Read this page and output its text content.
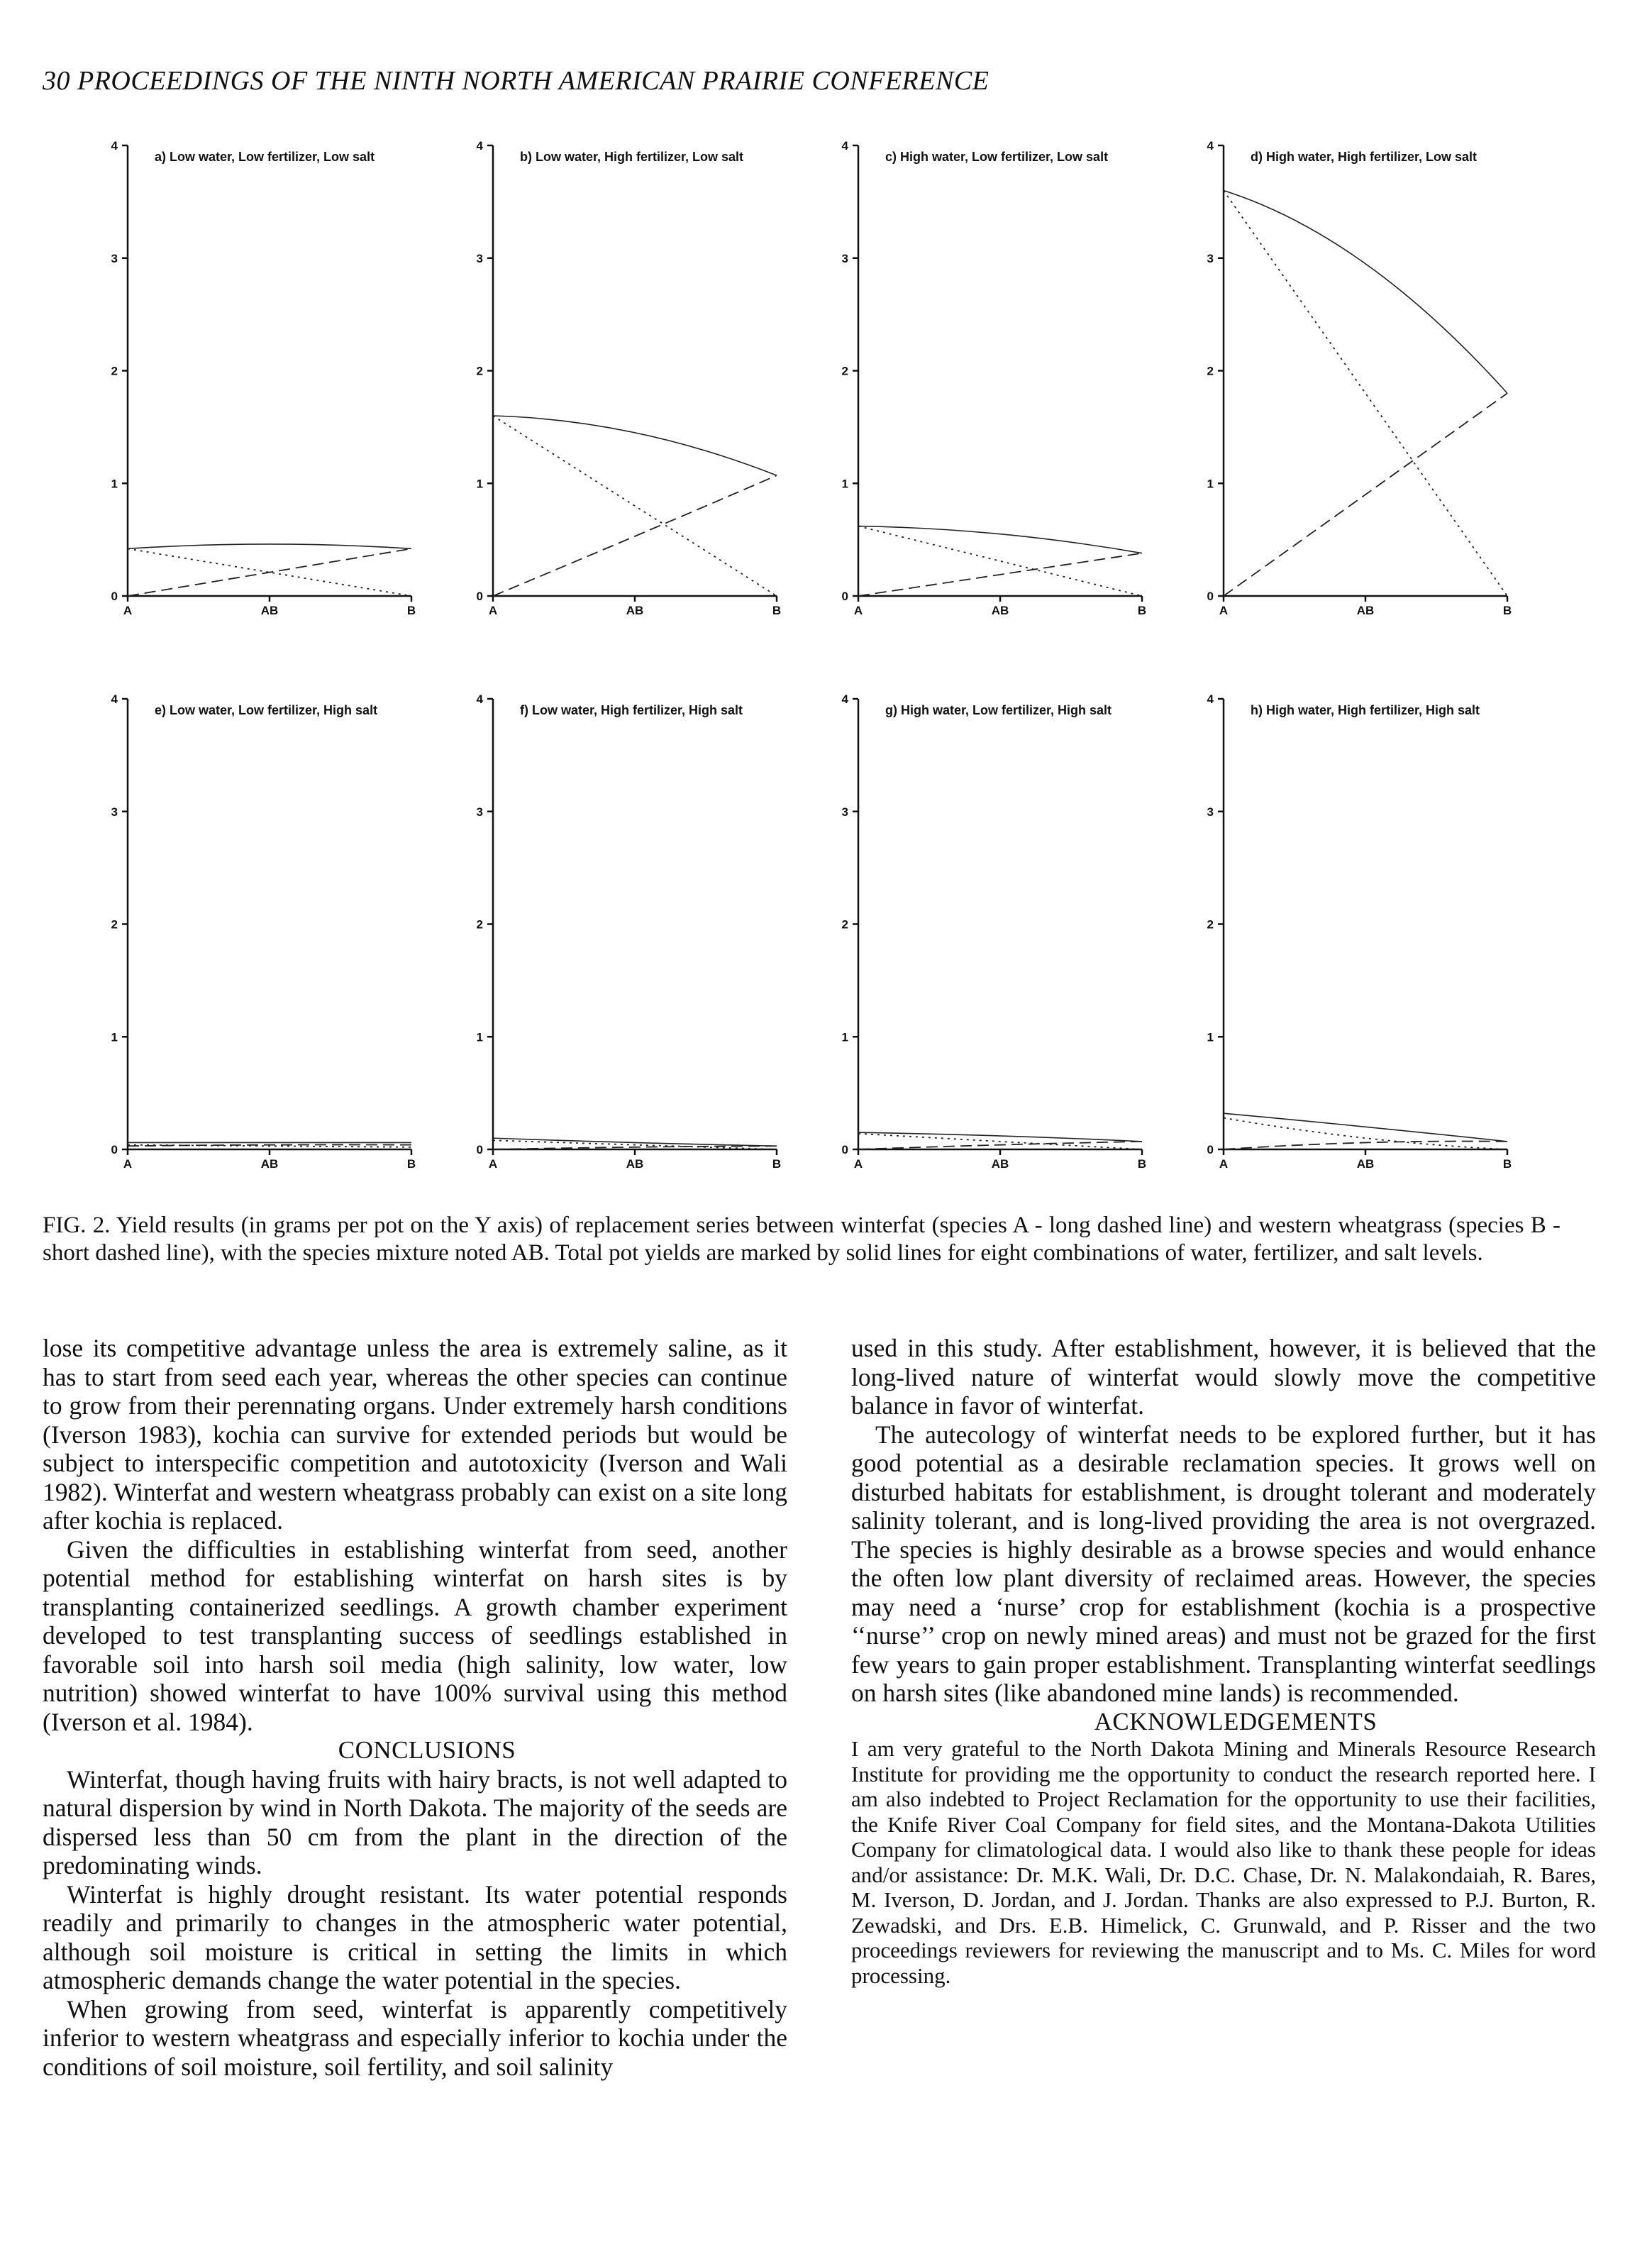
30 PROCEEDINGS OF THE NINTH NORTH AMERICAN PRAIRIE CONFERENCE
0
1
2
3
4
A	AB	B
a) Low water, Low fertilizer, Low salt
0
1
2
3
4
A	AB	B
b) Low water, High fertilizer, Low salt
0
1
2
3
4
A	AB	B
c) High water, Low fertilizer, Low salt
0
1
2
3
4
A	AB	B
d) High water, High fertilizer, Low salt
0
1
2
3
4
A	AB	B
e) Low water, Low fertilizer, High salt
0
1
2
3
4
A	AB	B
f) Low water, High fertilizer, High salt
0
1
2
3
4
A	AB	B
g) High water, Low fertilizer, High salt
0
1
2
3
4
A	AB	B
h) High water, High fertilizer, High salt
FIG. 2. Yield results (in grams per pot on the Y axis) of replacement series between winterfat (species A - long dashed line) and western wheatgrass (species B - short dashed line), with the species mixture noted AB. Total pot yields are marked by solid lines for eight combinations of water, fertilizer, and salt levels.

lose its competitive advantage unless the area is extremely saline, as it has to start from seed each year, whereas the other species can continue to grow from their perennating organs. Under extremely harsh conditions (Iverson 1983), kochia can survive for extended periods but would be subject to interspecific competition and autotoxicity (Iverson and Wali 1982). Winterfat and western wheatgrass probably can exist on a site long after kochia is replaced.

Given the difficulties in establishing winterfat from seed, another potential method for establishing winterfat on harsh sites is by transplanting containerized seedlings. A growth chamber experiment developed to test transplanting success of seedlings established in favorable soil into harsh soil media (high salinity, low water, low nutrition) showed winterfat to have 100% survival using this method (Iverson et al. 1984).

CONCLUSIONS

Winterfat, though having fruits with hairy bracts, is not well adapted to natural dispersion by wind in North Dakota. The majority of the seeds are dispersed less than 50 cm from the plant in the direction of the predominating winds.

Winterfat is highly drought resistant. Its water potential responds readily and primarily to changes in the atmospheric water potential, although soil moisture is critical in setting the limits in which atmospheric demands change the water potential in the species.

When growing from seed, winterfat is apparently competitively inferior to western wheatgrass and especially inferior to kochia under the conditions of soil moisture, soil fertility, and soil salinity

used in this study. After establishment, however, it is believed that the long-lived nature of winterfat would slowly move the competitive balance in favor of winterfat.

The autecology of winterfat needs to be explored further, but it has good potential as a desirable reclamation species. It grows well on disturbed habitats for establishment, is drought tolerant and moderately salinity tolerant, and is long-lived providing the area is not overgrazed. The species is highly desirable as a browse species and would enhance the often low plant diversity of reclaimed areas. However, the species may need a ‘nurse’ crop for establishment (kochia is a prospective ‘‘nurse’’ crop on newly mined areas) and must not be grazed for the first few years to gain proper establishment. Transplanting winterfat seedlings on harsh sites (like abandoned mine lands) is recommended.

ACKNOWLEDGEMENTS

I am very grateful to the North Dakota Mining and Minerals Resource Research Institute for providing me the opportunity to conduct the research reported here. I am also indebted to Project Reclamation for the opportunity to use their facilities, the Knife River Coal Company for field sites, and the Montana-Dakota Utilities Company for climatological data. I would also like to thank these people for ideas and/or assistance: Dr. M.K. Wali, Dr. D.C. Chase, Dr. N. Malakondaiah, R. Bares, M. Iverson, D. Jordan, and J. Jordan. Thanks are also expressed to P.J. Burton, R. Zewadski, and Drs. E.B. Himelick, C. Grunwald, and P. Risser and the two proceedings reviewers for reviewing the manuscript and to Ms. C. Miles for word processing.
